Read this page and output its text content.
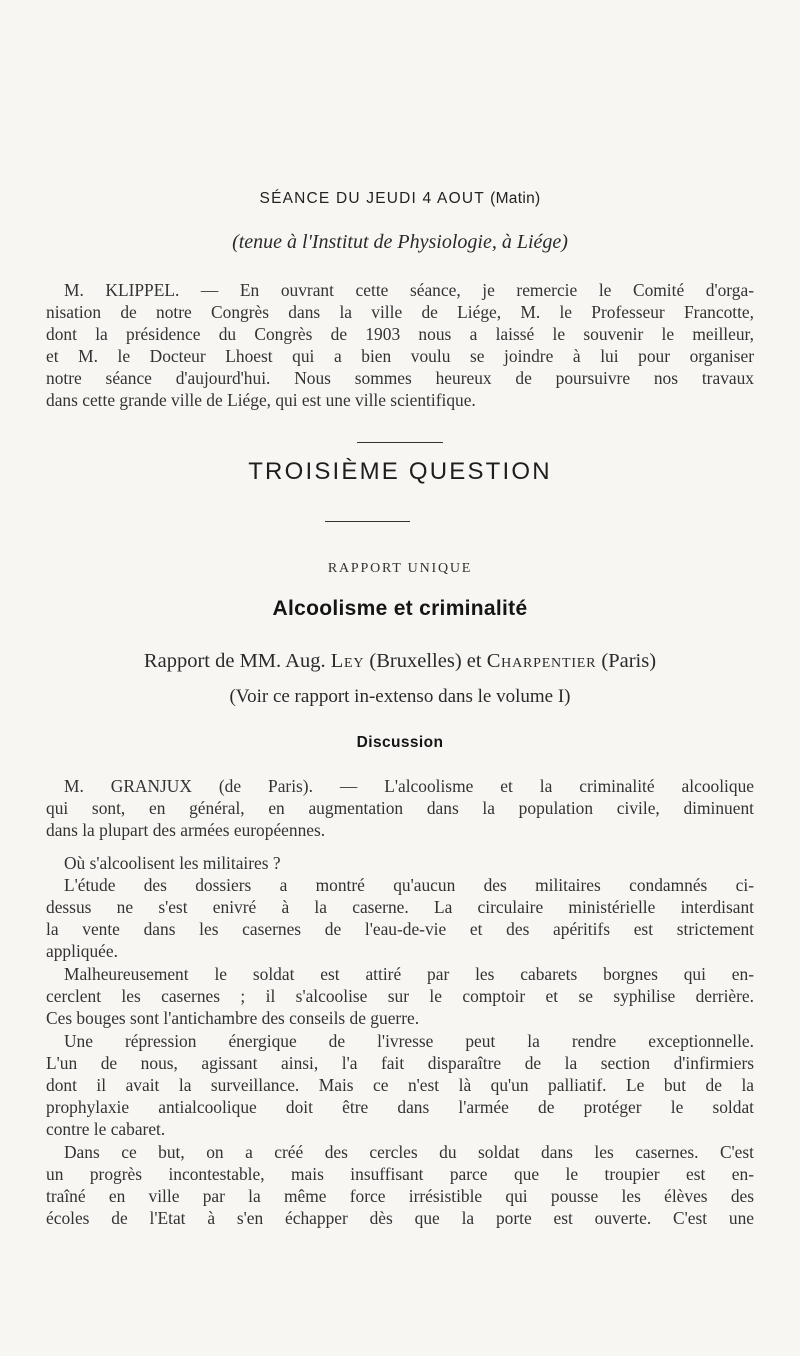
SÉANCE DU JEUDI 4 AOUT (Matin)
(tenue à l'Institut de Physiologie, à Liége)
M. KLIPPEL. — En ouvrant cette séance, je remercie le Comité d'orga-
nisation de notre Congrès dans la ville de Liége, M. le Professeur Francotte,
dont la présidence du Congrès de 1903 nous a laissé le souvenir le meilleur,
et M. le Docteur Lhoest qui a bien voulu se joindre à lui pour organiser
notre séance d'aujourd'hui. Nous sommes heureux de poursuivre nos travaux
dans cette grande ville de Liége, qui est une ville scientifique.
TROISIÈME QUESTION
RAPPORT UNIQUE
Alcoolisme et criminalité
Rapport de MM. Aug. Ley (Bruxelles) et Charpentier (Paris)
(Voir ce rapport in-extenso dans le volume I)
Discussion
M. GRANJUX (de Paris). — L'alcoolisme et la criminalité alcoolique
qui sont, en général, en augmentation dans la population civile, diminuent
dans la plupart des armées européennes.
Où s'alcoolisent les militaires ?
L'étude des dossiers a montré qu'aucun des militaires condamnés ci-
dessus ne s'est enivré à la caserne. La circulaire ministérielle interdisant
la vente dans les casernes de l'eau-de-vie et des apéritifs est strictement
appliquée.
Malheureusement le soldat est attiré par les cabarets borgnes qui en-
cerclent les casernes ; il s'alcoolise sur le comptoir et se syphilise derrière.
Ces bouges sont l'antichambre des conseils de guerre.
Une répression énergique de l'ivresse peut la rendre exceptionnelle.
L'un de nous, agissant ainsi, l'a fait disparaître de la section d'infirmiers
dont il avait la surveillance. Mais ce n'est là qu'un palliatif. Le but de la
prophylaxie antialcoolique doit être dans l'armée de protéger le soldat
contre le cabaret.
Dans ce but, on a créé des cercles du soldat dans les casernes. C'est
un progrès incontestable, mais insuffisant parce que le troupier est en-
traîné en ville par la même force irrésistible qui pousse les élèves des
écoles de l'Etat à s'en échapper dès que la porte est ouverte. C'est une
